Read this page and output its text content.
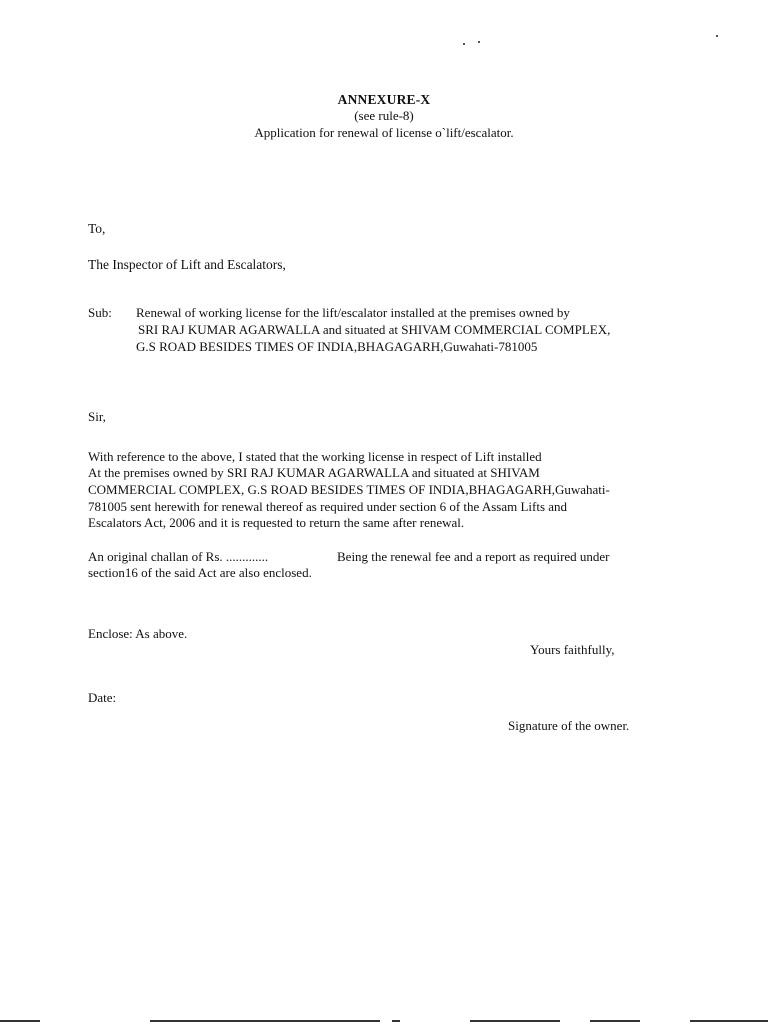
ANNEXURE-X
(see rule-8)
Application for renewal of license o`lift/escalator.
To,
The Inspector of Lift and Escalators,
Sub: Renewal of working license for the lift/escalator installed at the premises owned by
SRI RAJ KUMAR AGARWALLA and situated at SHIVAM COMMERCIAL COMPLEX,
G.S ROAD BESIDES TIMES OF INDIA,BHAGAGARH,Guwahati-781005
Sir,
With reference to the above, I stated that the working license in respect of Lift installed
At the premises owned by SRI RAJ KUMAR AGARWALLA and situated at SHIVAM
COMMERCIAL COMPLEX, G.S ROAD BESIDES TIMES OF INDIA,BHAGAGARH,Guwahati-
781005 sent herewith for renewal thereof as required under section 6 of the Assam Lifts and
Escalators Act, 2006 and it is requested to return the same after renewal.
An original challan of Rs. .............	Being the renewal fee and a report as required under
section16 of the said Act are also enclosed.
Enclose: As above.
Yours faithfully,
Date:
Signature of the owner.
